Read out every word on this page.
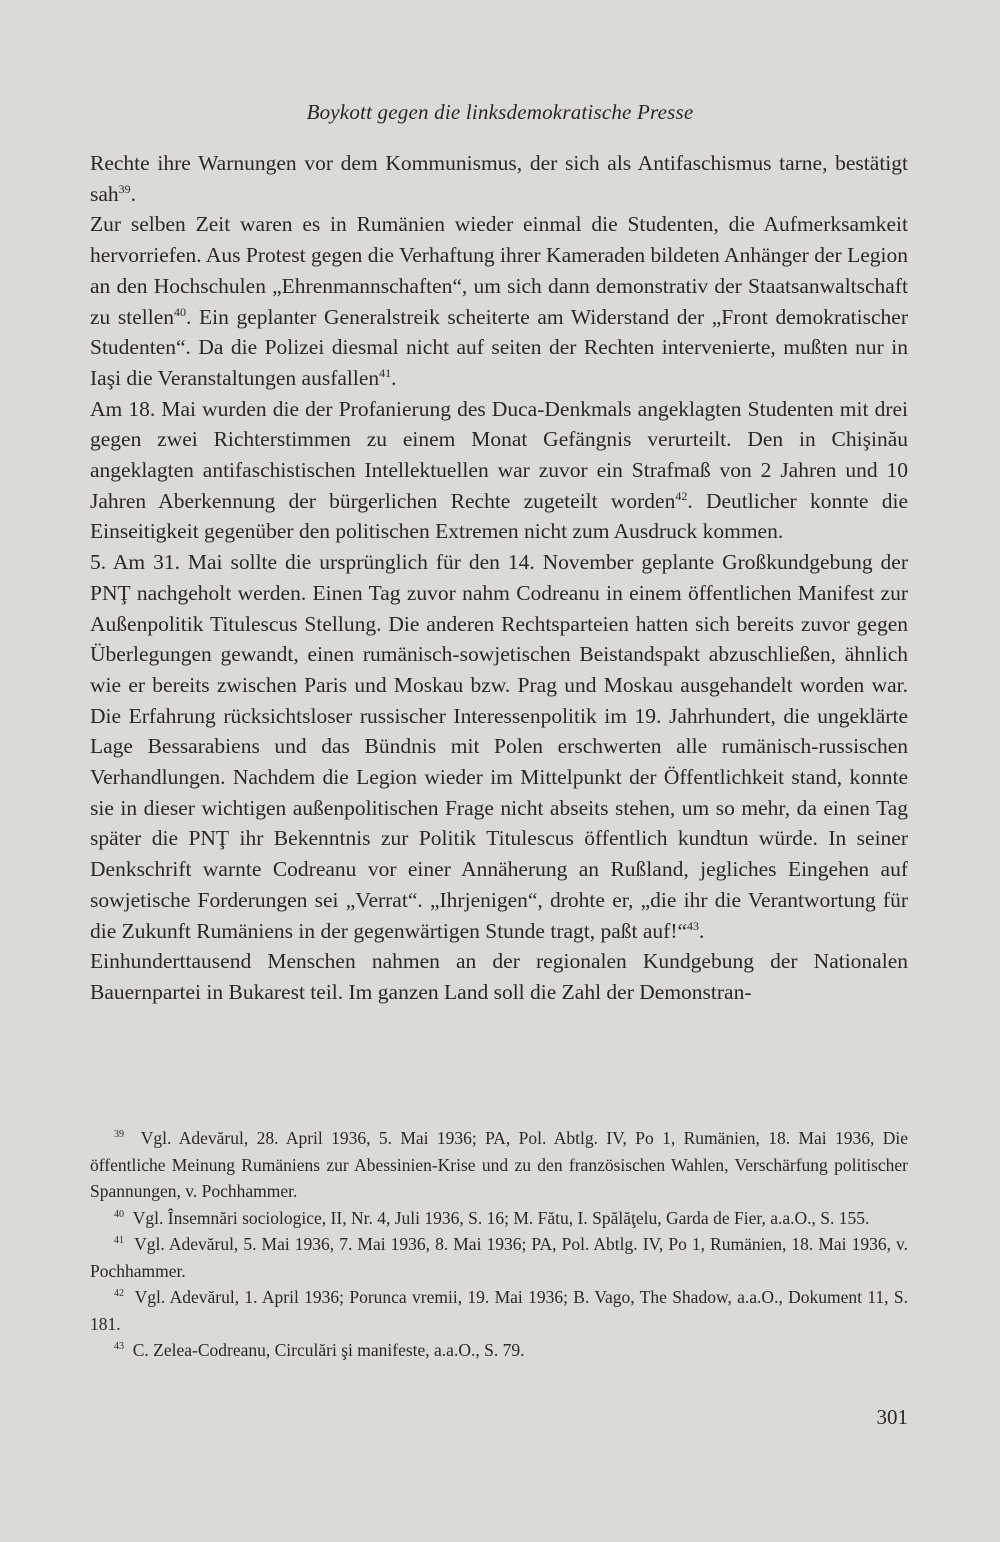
Boykott gegen die linksdemokratische Presse

Rechte ihre Warnungen vor dem Kommunismus, der sich als Antifaschismus tarne, bestätigt sah$^{39}$.

Zur selben Zeit waren es in Rumänien wieder einmal die Studenten, die Aufmerksamkeit hervorriefen. Aus Protest gegen die Verhaftung ihrer Kameraden bildeten Anhänger der Legion an den Hochschulen „Ehrenmannschaften“, um sich dann demonstrativ der Staatsanwaltschaft zu stellen$^{40}$. Ein geplanter Generalstreik scheiterte am Widerstand der „Front demokratischer Studenten“. Da die Polizei diesmal nicht auf seiten der Rechten intervenierte, mußten nur in Iaşi die Veranstaltungen ausfallen$^{41}$.

Am 18. Mai wurden die der Profanierung des Duca-Denkmals angeklagten Studenten mit drei gegen zwei Richterstimmen zu einem Monat Gefängnis verurteilt. Den in Chişinău angeklagten antifaschistischen Intellektuellen war zuvor ein Strafmaß von 2 Jahren und 10 Jahren Aberkennung der bürgerlichen Rechte zugeteilt worden$^{42}$. Deutlicher konnte die Einseitigkeit gegenüber den politischen Extremen nicht zum Ausdruck kommen.

5. Am 31. Mai sollte die ursprünglich für den 14. November geplante Großkundgebung der PNŢ nachgeholt werden. Einen Tag zuvor nahm Codreanu in einem öffentlichen Manifest zur Außenpolitik Titulescus Stellung. Die anderen Rechtsparteien hatten sich bereits zuvor gegen Überlegungen gewandt, einen rumänisch-sowjetischen Beistandspakt abzuschließen, ähnlich wie er bereits zwischen Paris und Moskau bzw. Prag und Moskau ausgehandelt worden war. Die Erfahrung rücksichtsloser russischer Interessenpolitik im 19. Jahrhundert, die ungeklärte Lage Bessarabiens und das Bündnis mit Polen erschwerten alle rumänisch-russischen Verhandlungen. Nachdem die Legion wieder im Mittelpunkt der Öffentlichkeit stand, konnte sie in dieser wichtigen außenpolitischen Frage nicht abseits stehen, um so mehr, da einen Tag später die PNŢ ihr Bekenntnis zur Politik Titulescus öffentlich kundtun würde. In seiner Denkschrift warnte Codreanu vor einer Annäherung an Rußland, jegliches Eingehen auf sowjetische Forderungen sei „Verrat“. „Ihrjenigen“, drohte er, „die ihr die Verantwortung für die Zukunft Rumäniens in der gegenwärtigen Stunde tragt, paßt auf!“$^{43}$.

Einhunderttausend Menschen nahmen an der regionalen Kundgebung der Nationalen Bauernpartei in Bukarest teil. Im ganzen Land soll die Zahl der Demonstran-

$^{39}$ Vgl. Adevărul, 28. April 1936, 5. Mai 1936; PA, Pol. Abtlg. IV, Po 1, Rumänien, 18. Mai 1936, Die öffentliche Meinung Rumäniens zur Abessinien-Krise und zu den französischen Wahlen, Verschärfung politischer Spannungen, v. Pochhammer.

$^{40}$ Vgl. Însemnări sociologice, II, Nr. 4, Juli 1936, S. 16; M. Fătu, I. Spălăţelu, Garda de Fier, a.a.O., S. 155.

$^{41}$ Vgl. Adevărul, 5. Mai 1936, 7. Mai 1936, 8. Mai 1936; PA, Pol. Abtlg. IV, Po 1, Rumänien, 18. Mai 1936, v. Pochhammer.

$^{42}$ Vgl. Adevărul, 1. April 1936; Porunca vremii, 19. Mai 1936; B. Vago, The Shadow, a.a.O., Dokument 11, S. 181.

$^{43}$ C. Zelea-Codreanu, Circulări şi manifeste, a.a.O., S. 79.

301
